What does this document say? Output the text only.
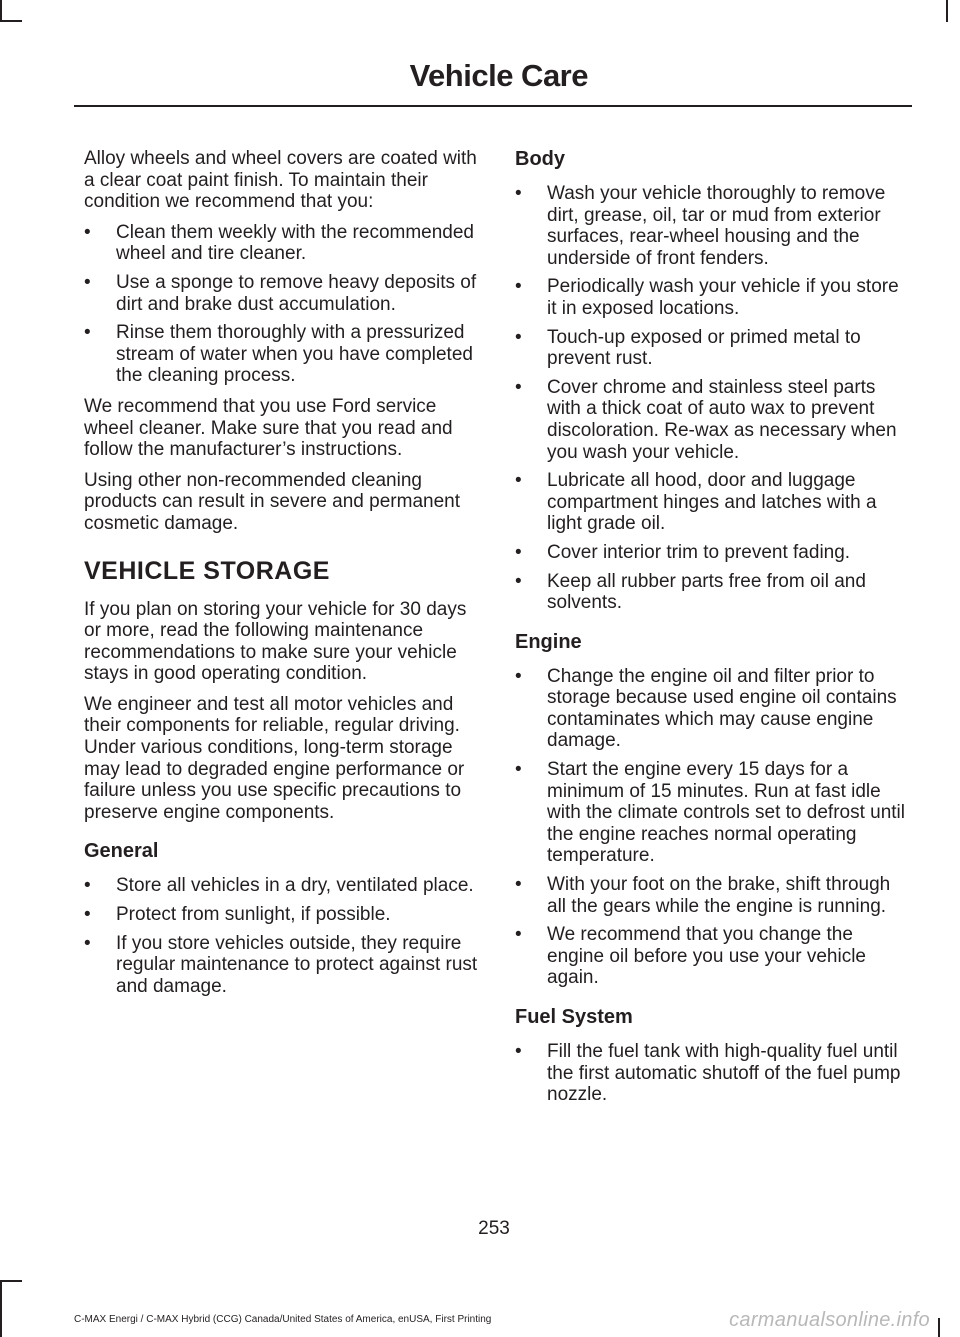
Vehicle Care

Alloy wheels and wheel covers are coated with a clear coat paint finish. To maintain their condition we recommend that you:

• Clean them weekly with the recommended wheel and tire cleaner.
• Use a sponge to remove heavy deposits of dirt and brake dust accumulation.
• Rinse them thoroughly with a pressurized stream of water when you have completed the cleaning process.

We recommend that you use Ford service wheel cleaner. Make sure that you read and follow the manufacturer’s instructions.

Using other non-recommended cleaning products can result in severe and permanent cosmetic damage.

VEHICLE STORAGE

If you plan on storing your vehicle for 30 days or more, read the following maintenance recommendations to make sure your vehicle stays in good operating condition.

We engineer and test all motor vehicles and their components for reliable, regular driving. Under various conditions, long-term storage may lead to degraded engine performance or failure unless you use specific precautions to preserve engine components.

General
• Store all vehicles in a dry, ventilated place.
• Protect from sunlight, if possible.
• If you store vehicles outside, they require regular maintenance to protect against rust and damage.
Body
• Wash your vehicle thoroughly to remove dirt, grease, oil, tar or mud from exterior surfaces, rear-wheel housing and the underside of front fenders.
• Periodically wash your vehicle if you store it in exposed locations.
• Touch-up exposed or primed metal to prevent rust.
• Cover chrome and stainless steel parts with a thick coat of auto wax to prevent discoloration. Re-wax as necessary when you wash your vehicle.
• Lubricate all hood, door and luggage compartment hinges and latches with a light grade oil.
• Cover interior trim to prevent fading.
• Keep all rubber parts free from oil and solvents.
Engine
• Change the engine oil and filter prior to storage because used engine oil contains contaminates which may cause engine damage.
• Start the engine every 15 days for a minimum of 15 minutes. Run at fast idle with the climate controls set to defrost until the engine reaches normal operating temperature.
• With your foot on the brake, shift through all the gears while the engine is running.
• We recommend that you change the engine oil before you use your vehicle again.
Fuel System
• Fill the fuel tank with high-quality fuel until the first automatic shutoff of the fuel pump nozzle.
253
C-MAX Energi / C-MAX Hybrid (CCG) Canada/United States of America, enUSA, First Printing	carmanualsonline.info
